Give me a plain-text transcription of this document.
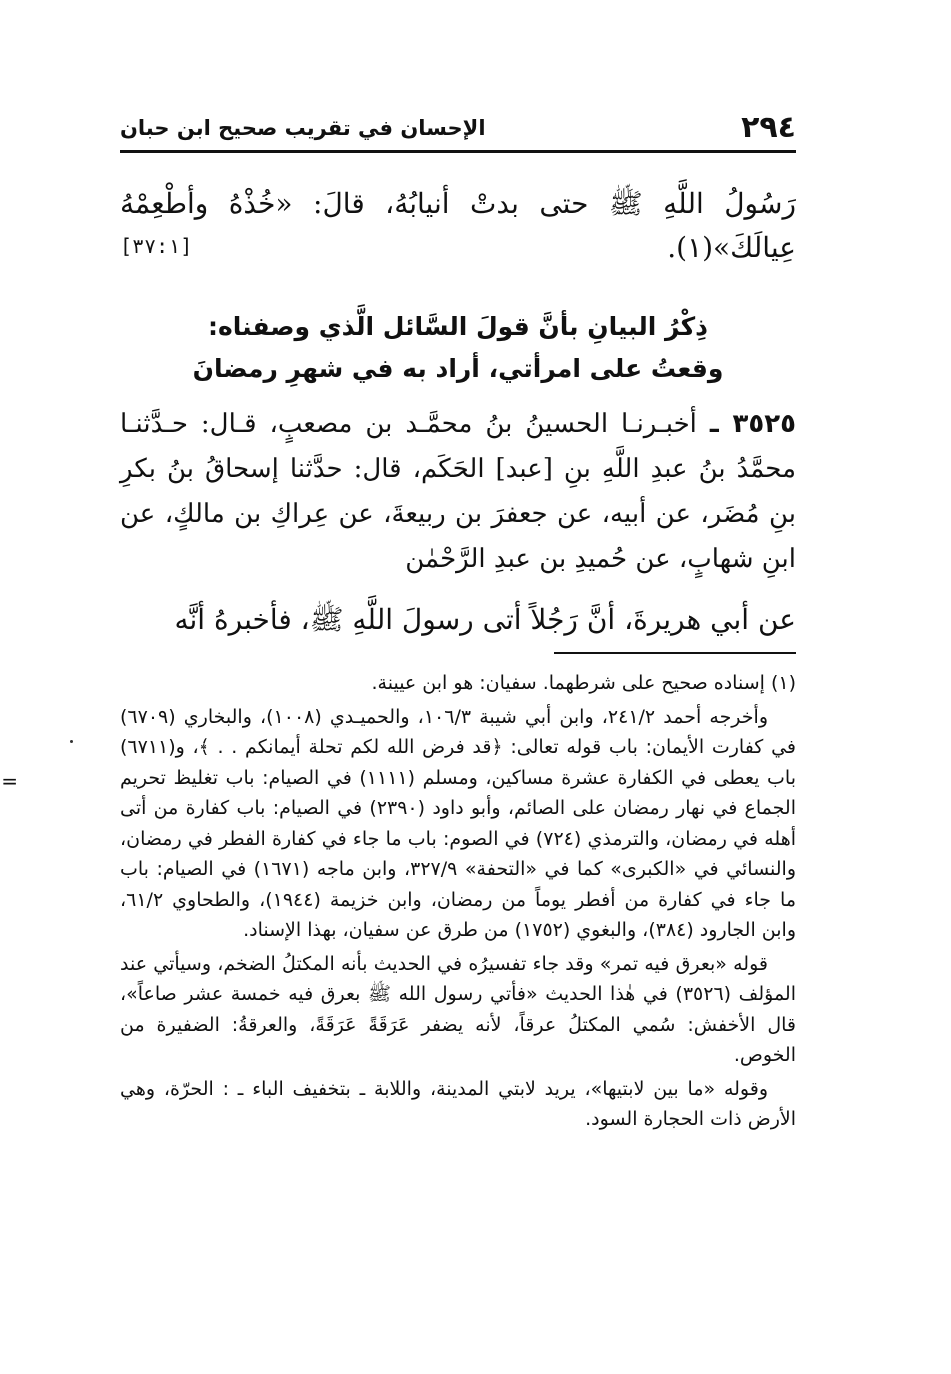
٢٩٤
الإحسان في تقريب صحيح ابن حبان
رَسُولُ اللَّهِ ﷺ حتى بدتْ أنيابُهُ، قالَ: «خُذْهُ وأطْعِمْهُ عِيالَكَ»(١).
[٣٧:١]
ذِكْرُ البيانِ بأنَّ قولَ السَّائل الَّذي وصفناه:
وقعتُ على امرأتي، أراد به في شهرِ رمضانَ
٣٥٢٥ ـ أخبـرنـا الحسينُ بنُ محمَّـد بن مصعبٍ، قـال: حـدَّثنـا محمَّدُ بنُ عبدِ اللَّهِ بنِ [عبد] الحَكَم، قال: حدَّثنا إسحاقُ بنُ بكرِ بنِ مُضَر، عن أبيه، عن جعفرَ بن ربيعةَ، عن عِراكِ بن مالكٍ، عن ابنِ شهابٍ، عن حُميدِ بن عبدِ الرَّحْمٰن
عن أبي هريرةَ، أنَّ رَجُلاً أتى رسولَ اللَّهِ ﷺ، فأخبرهُ أنَّه

(١) إسناده صحيح على شرطهما. سفيان: هو ابن عيينة.

وأخرجه أحمد ٢٤١/٢، وابن أبي شيبة ١٠٦/٣، والحميـدي (١٠٠٨)، والبخاري (٦٧٠٩) في كفارت الأيمان: باب قوله تعالى: ﴿قد فرض الله لكم تحلة أيمانكم . . ﴾، و(٦٧١١) باب يعطى في الكفارة عشرة مساكين، ومسلم (١١١١) في الصيام: باب تغليظ تحريم الجماع في نهار رمضان على الصائم، وأبو داود (٢٣٩٠) في الصيام: باب كفارة من أتى أهله في رمضان، والترمذي (٧٢٤) في الصوم: باب ما جاء في كفارة الفطر في رمضان، والنسائي في «الكبرى» كما في «التحفة» ٣٢٧/٩، وابن ماجه (١٦٧١) في الصيام: باب ما جاء في كفارة من أفطر يوماً من رمضان، وابن خزيمة (١٩٤٤)، والطحاوي ٦١/٢، وابن الجارود (٣٨٤)، والبغوي (١٧٥٢) من طرق عن سفيان، بهذا الإسناد.

قوله «بعرق فيه تمر» وقد جاء تفسيرُه في الحديث بأنه المكتلُ الضخم، وسيأتي عند المؤلف (٣٥٢٦) في هٰذا الحديث «فأتي رسول الله ﷺ بعرق فيه خمسة عشر صاعاً»، قال الأخفش: سُمي المكتلُ عرقاً، لأنه يضفر عَرَقَةً عَرَقَةً، والعرقةُ: الضفيرة من الخوص.

وقوله «ما بين لابتيها»، يريد لابتي المدينة، واللابة ـ بتخفيف الباء ـ : الحرّة، وهي الأرض ذات الحجارة السود.

=
